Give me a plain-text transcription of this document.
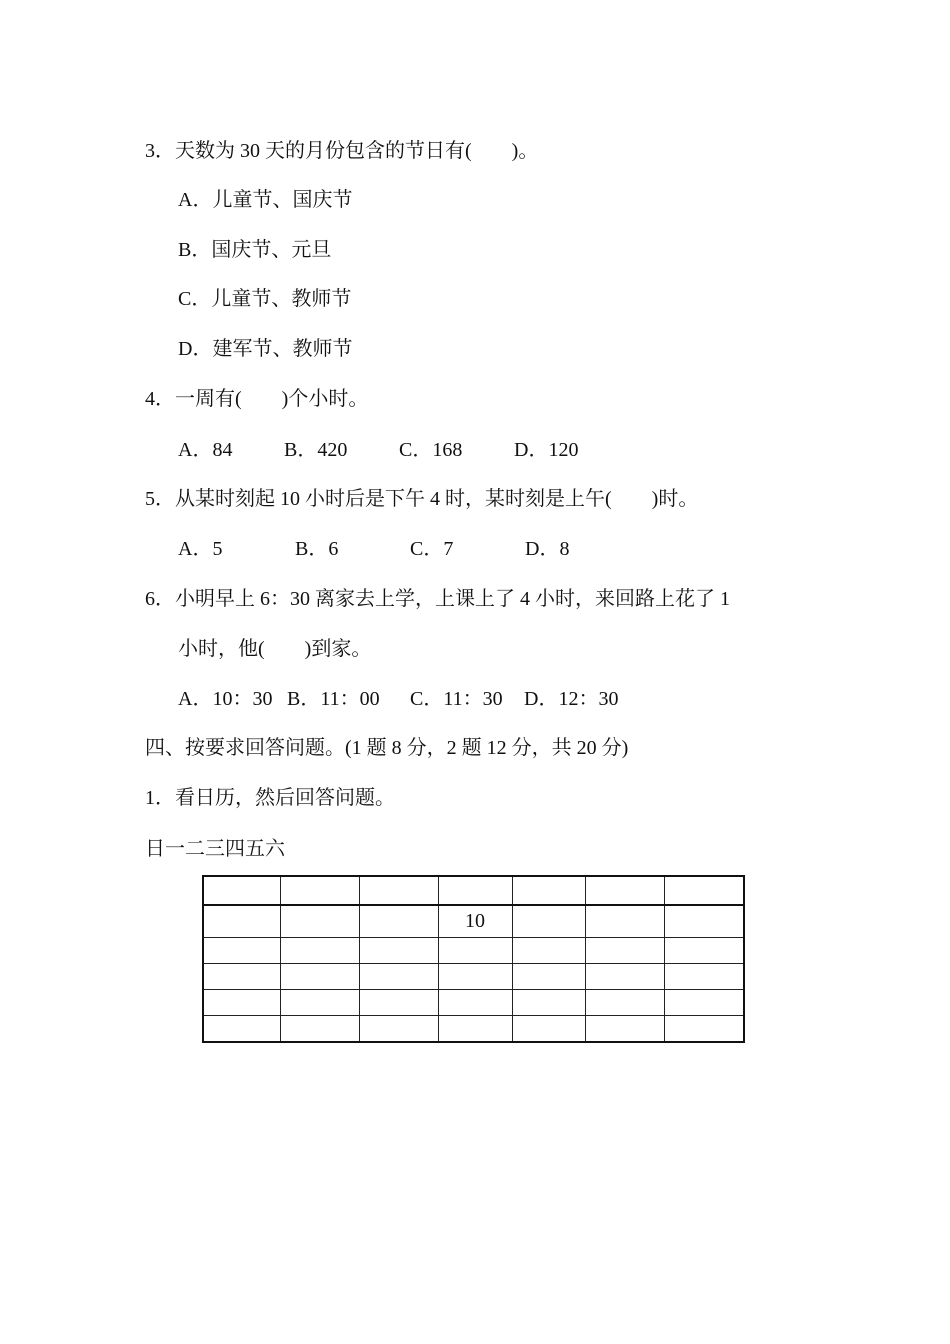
3．天数为 30 天的月份包含的节日有(　　)。
A．儿童节、国庆节
B．国庆节、元旦
C．儿童节、教师节
D．建军节、教师节
4．一周有(　　)个小时。

A．84

	B．420

	C．168

	D．120

5．从某时刻起 10 小时后是下午 4 时，某时刻是上午(　　)时。

A．5

	B．6

	C．7

	D．8

6．小明早上 6：30 离家去上学，上课上了 4 小时，来回路上花了 1
小时，他(　　)到家。

A．10：30

B．11：00

C．11：30

D．12：30

四、按要求回答问题。(1 题 8 分，2 题 12 分，共 20 分)
1．看日历，然后回答问题。
日一二三四五六

			10			
